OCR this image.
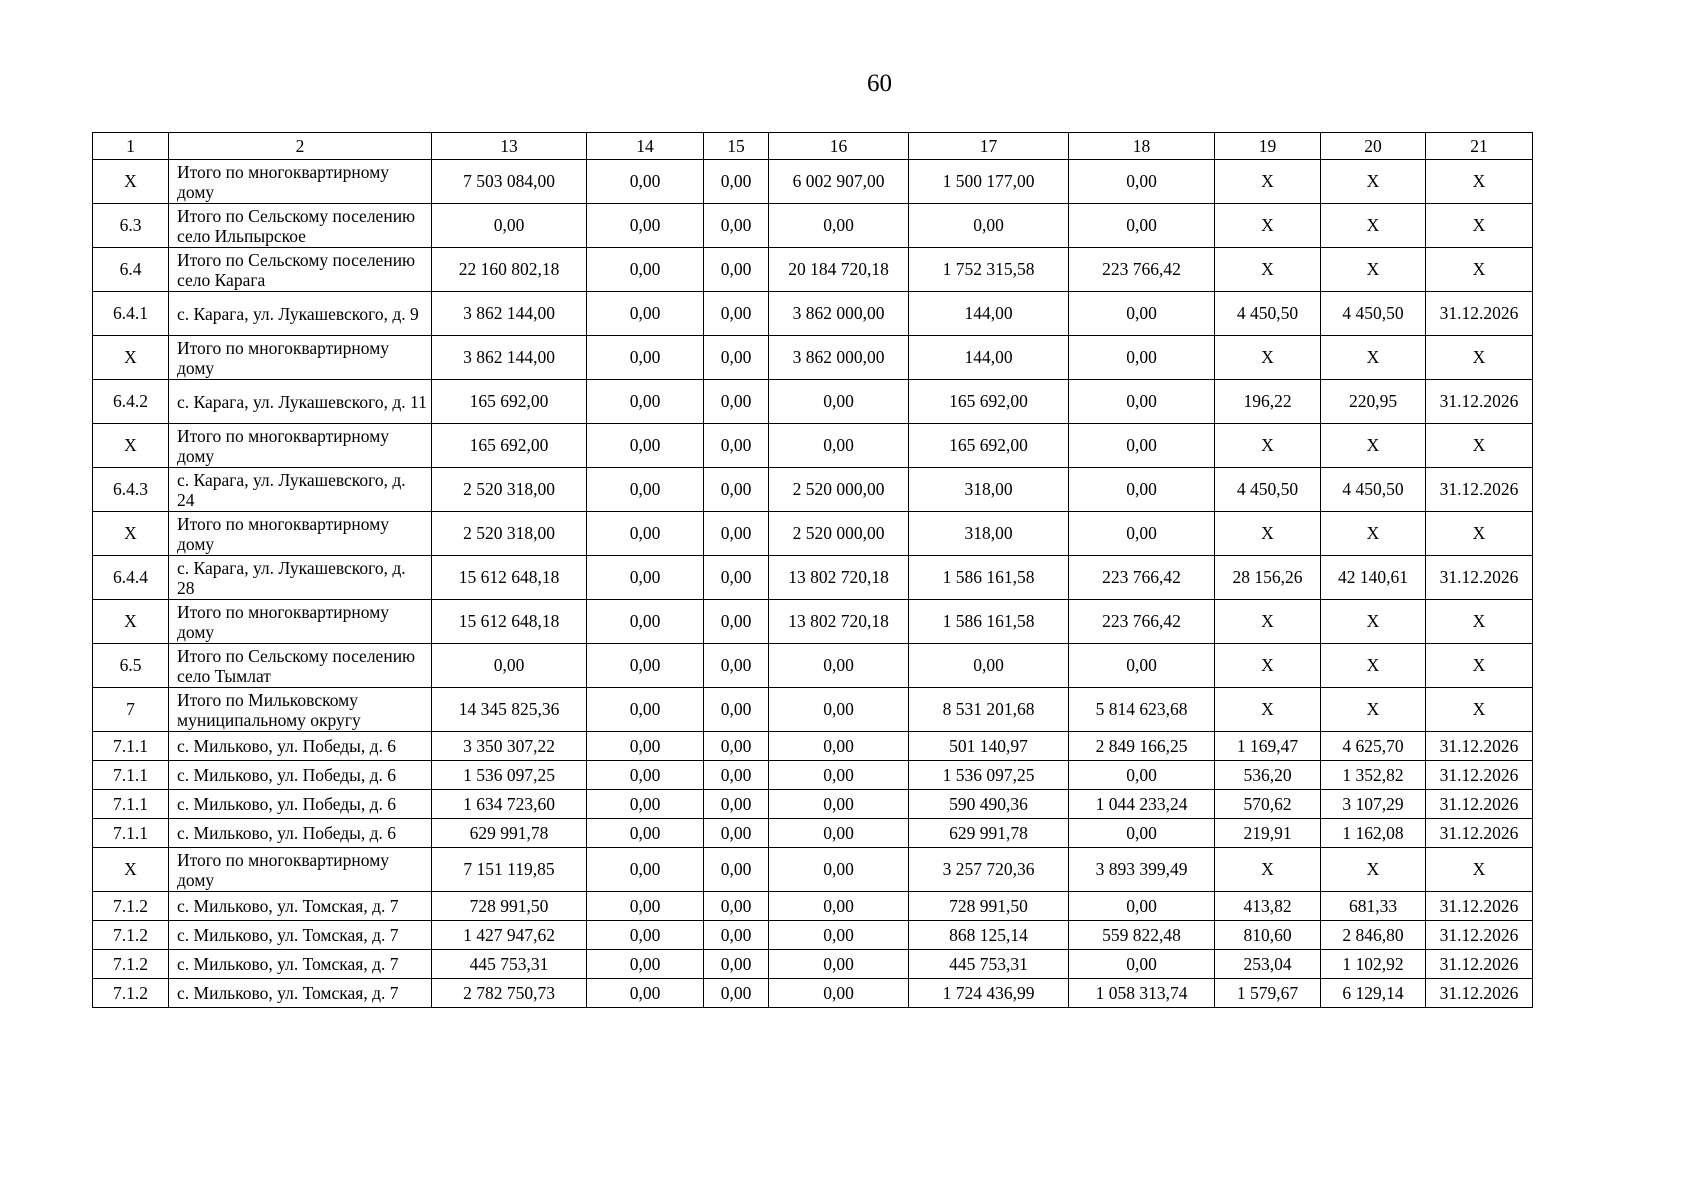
60
1	2	13	14	15	16	17	18	19	20	21
Х	Итого по многоквартирному дому	7 503 084,00	0,00	0,00	6 002 907,00	1 500 177,00	0,00	Х	Х	Х
6.3	Итого по Сельскому поселению село Ильпырское	0,00	0,00	0,00	0,00	0,00	0,00	Х	Х	Х
6.4	Итого по Сельскому поселению село Карага	22 160 802,18	0,00	0,00	20 184 720,18	1 752 315,58	223 766,42	Х	Х	Х
6.4.1	с. Карага, ул. Лукашевского, д. 9	3 862 144,00	0,00	0,00	3 862 000,00	144,00	0,00	4 450,50	4 450,50	31.12.2026
Х	Итого по многоквартирному дому	3 862 144,00	0,00	0,00	3 862 000,00	144,00	0,00	Х	Х	Х
6.4.2	с. Карага, ул. Лукашевского, д. 11	165 692,00	0,00	0,00	0,00	165 692,00	0,00	196,22	220,95	31.12.2026
Х	Итого по многоквартирному дому	165 692,00	0,00	0,00	0,00	165 692,00	0,00	Х	Х	Х
6.4.3	с. Карага, ул. Лукашевского, д. 24	2 520 318,00	0,00	0,00	2 520 000,00	318,00	0,00	4 450,50	4 450,50	31.12.2026
Х	Итого по многоквартирному дому	2 520 318,00	0,00	0,00	2 520 000,00	318,00	0,00	Х	Х	Х
6.4.4	с. Карага, ул. Лукашевского, д. 28	15 612 648,18	0,00	0,00	13 802 720,18	1 586 161,58	223 766,42	28 156,26	42 140,61	31.12.2026
Х	Итого по многоквартирному дому	15 612 648,18	0,00	0,00	13 802 720,18	1 586 161,58	223 766,42	Х	Х	Х
6.5	Итого по Сельскому поселению село Тымлат	0,00	0,00	0,00	0,00	0,00	0,00	Х	Х	Х
7	Итого по Мильковскому муниципальному округу	14 345 825,36	0,00	0,00	0,00	8 531 201,68	5 814 623,68	Х	Х	Х
7.1.1	с. Мильково, ул. Победы, д. 6	3 350 307,22	0,00	0,00	0,00	501 140,97	2 849 166,25	1 169,47	4 625,70	31.12.2026
7.1.1	с. Мильково, ул. Победы, д. 6	1 536 097,25	0,00	0,00	0,00	1 536 097,25	0,00	536,20	1 352,82	31.12.2026
7.1.1	с. Мильково, ул. Победы, д. 6	1 634 723,60	0,00	0,00	0,00	590 490,36	1 044 233,24	570,62	3 107,29	31.12.2026
7.1.1	с. Мильково, ул. Победы, д. 6	629 991,78	0,00	0,00	0,00	629 991,78	0,00	219,91	1 162,08	31.12.2026
Х	Итого по многоквартирному дому	7 151 119,85	0,00	0,00	0,00	3 257 720,36	3 893 399,49	Х	Х	Х
7.1.2	с. Мильково, ул. Томская, д. 7	728 991,50	0,00	0,00	0,00	728 991,50	0,00	413,82	681,33	31.12.2026
7.1.2	с. Мильково, ул. Томская, д. 7	1 427 947,62	0,00	0,00	0,00	868 125,14	559 822,48	810,60	2 846,80	31.12.2026
7.1.2	с. Мильково, ул. Томская, д. 7	445 753,31	0,00	0,00	0,00	445 753,31	0,00	253,04	1 102,92	31.12.2026
7.1.2	с. Мильково, ул. Томская, д. 7	2 782 750,73	0,00	0,00	0,00	1 724 436,99	1 058 313,74	1 579,67	6 129,14	31.12.2026
